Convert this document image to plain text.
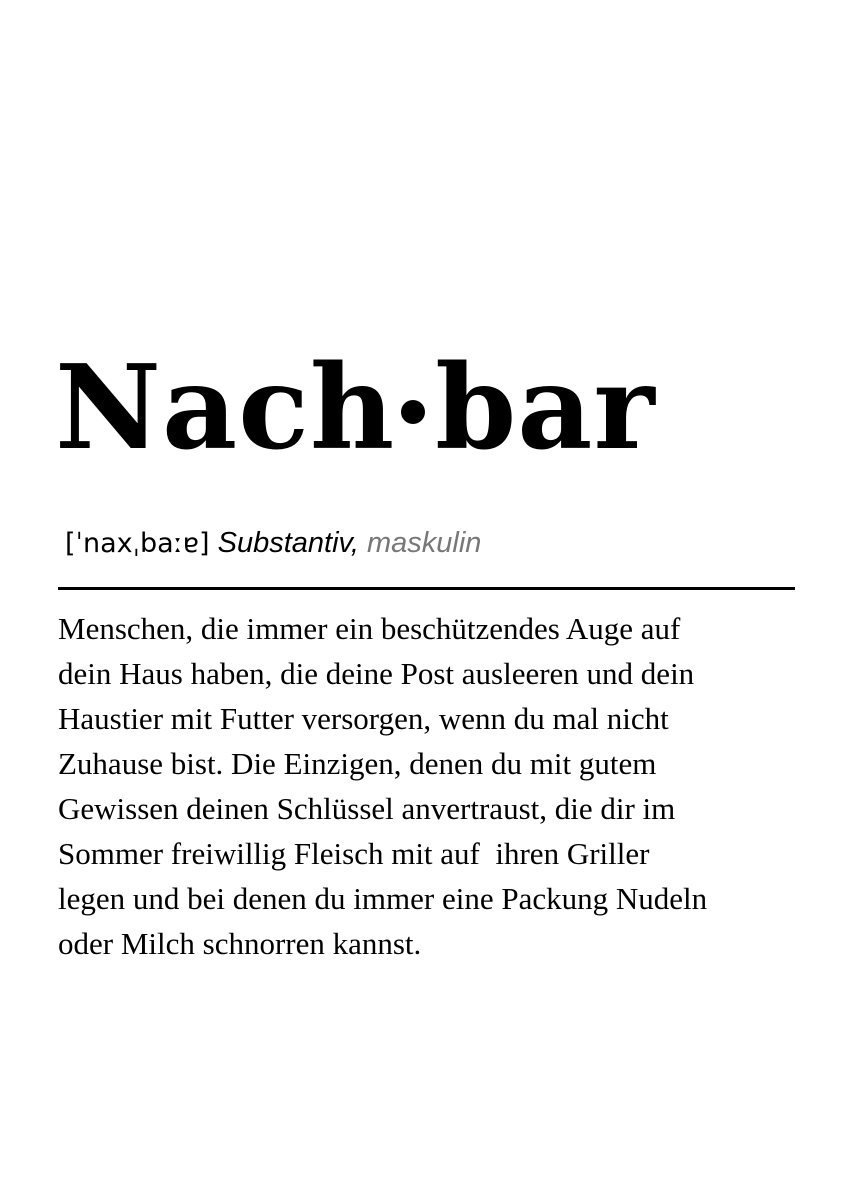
Nach bar
[ˈnaxˌbaːɐ] Substantiv, maskulin

Menschen, die immer ein beschützendes Auge auf
dein Haus haben, die deine Post ausleeren und dein
Haustier mit Futter versorgen, wenn du mal nicht
Zuhause bist. Die Einzigen, denen du mit gutem
Gewissen deinen Schlüssel anvertraust, die dir im
Sommer freiwillig Fleisch mit auf  ihren Griller
legen und bei denen du immer eine Packung Nudeln
oder Milch schnorren kannst.
